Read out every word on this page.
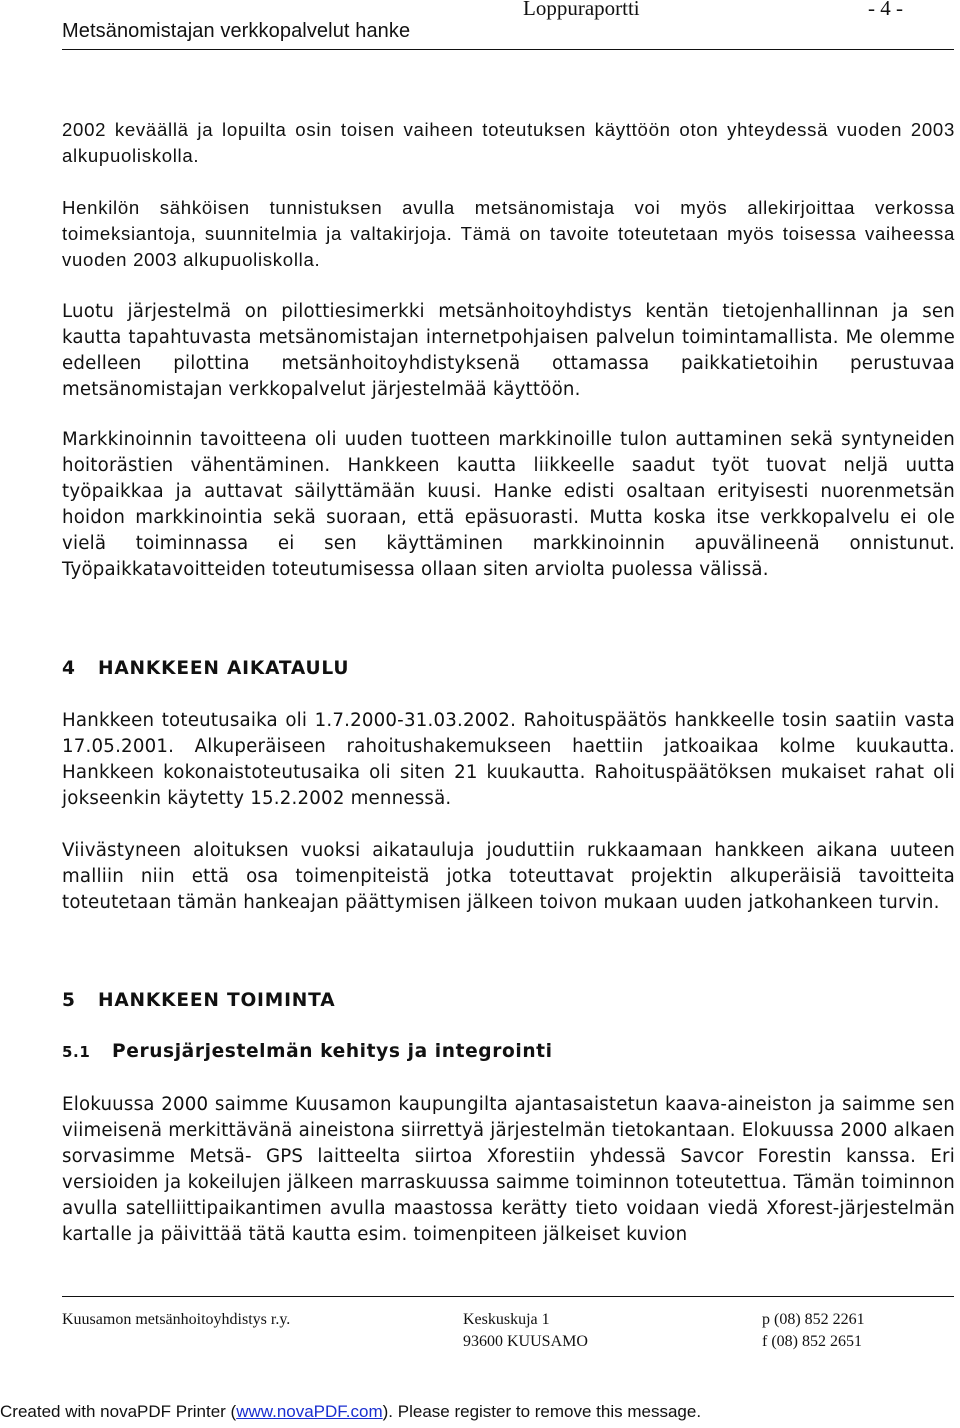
Metsänomistajan verkkopalvelut hanke
Loppuraportti	- 4 -

2002 keväällä ja lopuilta osin toisen vaiheen toteutuksen käyttöön oton yhteydessä vuoden 2003 alkupuoliskolla.

Henkilön sähköisen tunnistuksen avulla metsänomistaja voi myös allekirjoittaa verkossa toimeksiantoja, suunnitelmia ja valtakirjoja. Tämä on tavoite toteutetaan myös toisessa vaiheessa vuoden 2003 alkupuoliskolla.

Luotu järjestelmä on pilottiesimerkki metsänhoitoyhdistys kentän tietojenhallinnan ja sen kautta tapahtuvasta metsänomistajan internetpohjaisen palvelun toimintamallista. Me olemme edelleen pilottina metsänhoitoyhdistyksenä ottamassa paikkatietoihin perustuvaa metsänomistajan verkkopalvelut järjestelmää käyttöön.

Markkinoinnin tavoitteena oli uuden tuotteen markkinoille tulon auttaminen sekä syntyneiden hoitorästien vähentäminen. Hankkeen kautta liikkeelle saadut työt tuovat neljä uutta työpaikkaa ja auttavat säilyttämään kuusi. Hanke edisti osaltaan erityisesti nuorenmetsän hoidon markkinointia sekä suoraan, että epäsuorasti. Mutta koska itse verkkopalvelu ei ole vielä toiminnassa ei sen käyttäminen markkinoinnin apuvälineenä onnistunut. Työpaikkatavoitteiden toteutumisessa ollaan siten arviolta puolessa välissä.

4 HANKKEEN AIKATAULU

Hankkeen toteutusaika oli 1.7.2000-31.03.2002. Rahoituspäätös hankkeelle tosin saatiin vasta 17.05.2001. Alkuperäiseen rahoitushakemukseen haettiin jatkoaikaa kolme kuukautta. Hankkeen kokonaistoteutusaika oli siten 21 kuukautta. Rahoituspäätöksen mukaiset rahat oli jokseenkin käytetty 15.2.2002 mennessä.

Viivästyneen aloituksen vuoksi aikatauluja jouduttiin rukkaamaan hankkeen aikana uuteen malliin niin että osa toimenpiteistä jotka toteuttavat projektin alkuperäisiä tavoitteita toteutetaan tämän hankeajan päättymisen jälkeen toivon mukaan uuden jatkohankeen turvin.

5 HANKKEEN TOIMINTA
5.1 Perusjärjestelmän kehitys ja integrointi

Elokuussa 2000 saimme Kuusamon kaupungilta ajantasaistetun kaava-aineiston ja saimme sen viimeisenä merkittävänä aineistona siirrettyä järjestelmän tietokantaan. Elokuussa 2000 alkaen sorvasimme Metsä- GPS laitteelta siirtoa Xforestiin yhdessä Savcor Forestin kanssa. Eri versioiden ja kokeilujen jälkeen marraskuussa saimme toiminnon toteutettua. Tämän toiminnon avulla satelliittipaikantimen avulla maastossa kerätty tieto voidaan viedä Xforest-järjestelmän kartalle ja päivittää tätä kautta esim. toimenpiteen jälkeiset kuvion

Kuusamon metsänhoitoyhdistys r.y.	Keskuskuja 1
93600 KUUSAMO
p (08) 852 2261
f (08) 852 2651
Created with novaPDF Printer (www.novaPDF.com). Please register to remove this message.
